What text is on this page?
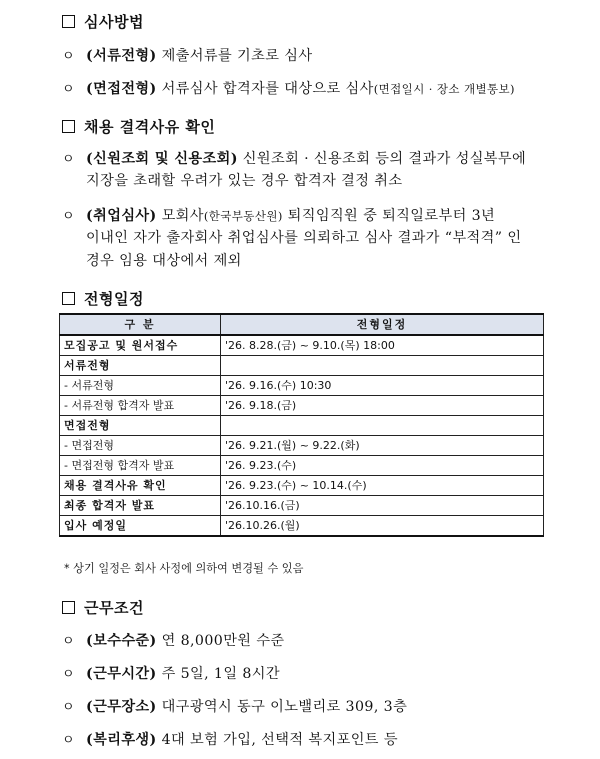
심사방법
ㅇ (서류전형) 제출서류를 기초로 심사
ㅇ (면접전형) 서류심사 합격자를 대상으로 심사(면접일시 · 장소 개별통보)
채용 결격사유 확인
ㅇ (신원조회 및 신용조회) 신원조회 · 신용조회 등의 결과가 성실복무에
지장을 초래할 우려가 있는 경우 합격자 결정 취소
ㅇ (취업심사) 모회사(한국부동산원) 퇴직임직원 중 퇴직일로부터 3년
이내인 자가 출자회사 취업심사를 의뢰하고 심사 결과가 “부적격” 인
경우 임용 대상에서 제외
전형일정
구 분	전형일정
모집공고 및 원서접수	'26. 8.28.(금) ~ 9.10.(목) 18:00
서류전형	
- 서류전형	'26. 9.16.(수) 10:30
- 서류전형 합격자 발표	'26. 9.18.(금)
면접전형	
- 면접전형	'26. 9.21.(월) ~ 9.22.(화)
- 면접전형 합격자 발표	'26. 9.23.(수)
채용 결격사유 확인	'26. 9.23.(수) ~ 10.14.(수)
최종 합격자 발표	'26.10.16.(금)
입사 예정일	'26.10.26.(월)
* 상기 일정은 회사 사정에 의하여 변경될 수 있음
근무조건
ㅇ (보수수준) 연 8,000만원 수준
ㅇ (근무시간) 주 5일, 1일 8시간
ㅇ (근무장소) 대구광역시 동구 이노밸리로 309, 3층
ㅇ (복리후생) 4대 보험 가입, 선택적 복지포인트 등
